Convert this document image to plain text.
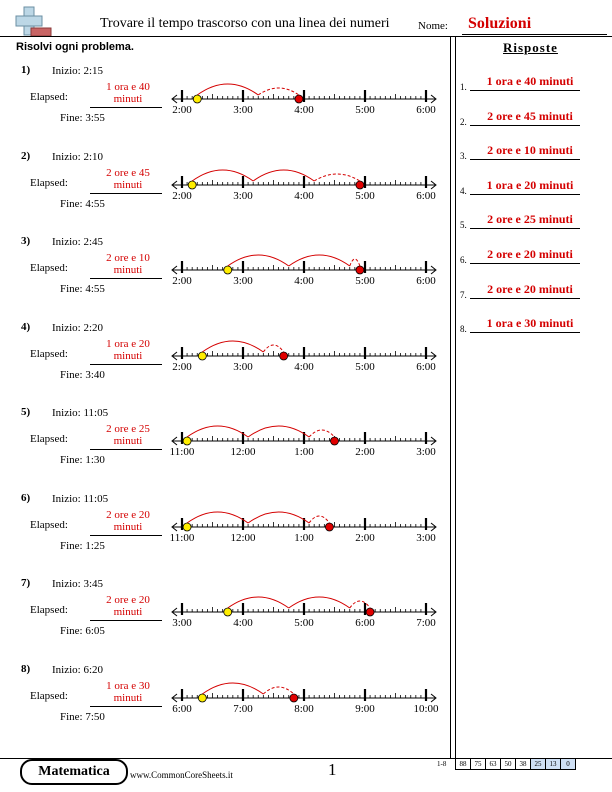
Trovare il tempo trascorso con una linea dei numeri	Nome: Soluzioni
Risolvi ogni problema.	Risposte
1.	1 ora e 40 minuti
2.	2 ore e 45 minuti
3.	2 ore e 10 minuti
4.	1 ora e 20 minuti
5.	2 ore e 25 minuti
6.	2 ore e 20 minuti
7.	2 ore e 20 minuti
8.	1 ora e 30 minuti
1) Inizio: 2:15
Elapsed:
1 ora e 40 minuti
Fine: 3:55
2:00	3:00	4:00	5:00	6:00
2) Inizio: 2:10
Elapsed:
2 ore e 45 minuti
Fine: 4:55
2:00	3:00	4:00	5:00	6:00
3) Inizio: 2:45
Elapsed:
2 ore e 10 minuti
Fine: 4:55
2:00	3:00	4:00	5:00	6:00
4) Inizio: 2:20
Elapsed:
1 ora e 20 minuti
Fine: 3:40
2:00	3:00	4:00	5:00	6:00
5) Inizio: 11:05
Elapsed:
2 ore e 25 minuti
Fine: 1:30
11:00	12:00	1:00	2:00	3:00
6) Inizio: 11:05
Elapsed:
2 ore e 20 minuti
Fine: 1:25
11:00	12:00	1:00	2:00	3:00
7) Inizio: 3:45
Elapsed:
2 ore e 20 minuti
Fine: 6:05
3:00	4:00	5:00	6:00	7:00
8) Inizio: 6:20
Elapsed:
1 ora e 30 minuti
Fine: 7:50
6:00	7:00	8:00	9:00	10:00
Matematica	www.CommonCoreSheets.it	1	1-8	88	75	63	50	38	25	13	0
